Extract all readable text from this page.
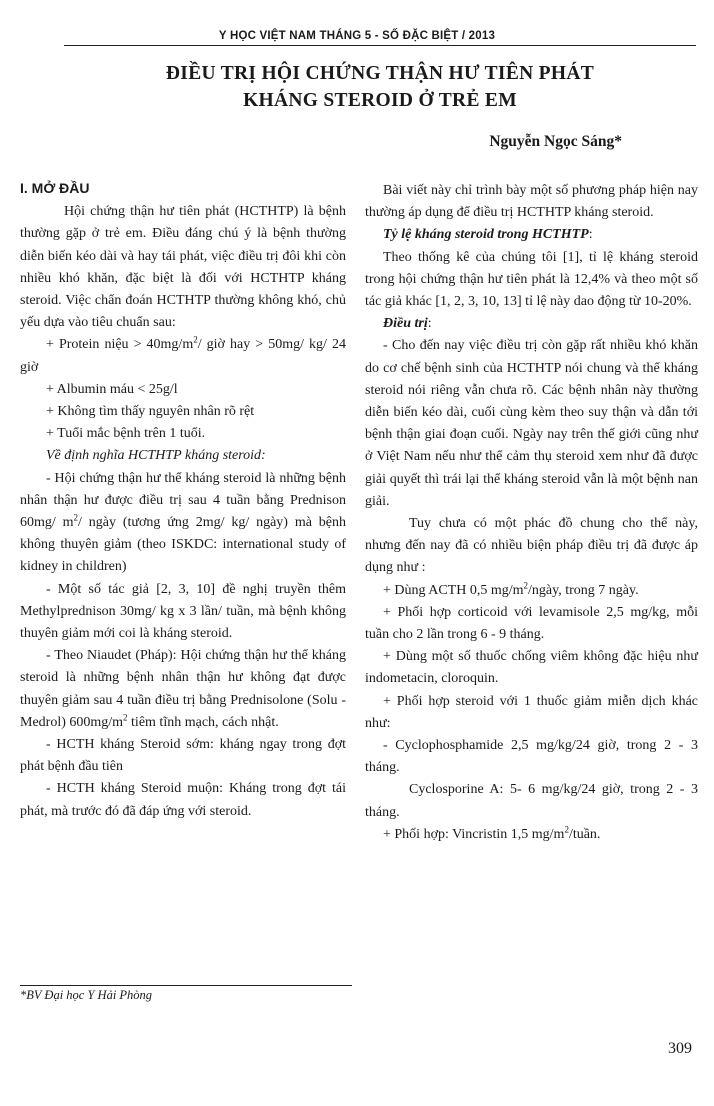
Y HỌC VIỆT NAM THÁNG 5 - SỐ ĐẶC BIỆT / 2013
ĐIỀU TRỊ HỘI CHỨNG THẬN HƯ TIÊN PHÁT
KHÁNG STEROID Ở TRẺ EM
Nguyễn Ngọc Sáng*
I. MỞ ĐẦU

Hội chứng thận hư tiên phát (HCTHTP) là bệnh thường gặp ở trẻ em. Điều đáng chú ý là bệnh thường diễn biến kéo dài và hay tái phát, việc điều trị đôi khi còn nhiều khó khăn, đặc biệt là đối với HCTHTP kháng steroid. Việc chẩn đoán HCTHTP thường không khó, chủ yếu dựa vào tiêu chuẩn sau:

+ Protein niệu > $40mg/m^2/$ giờ hay > 50mg/ kg/ 24 giờ

+ Albumin máu < 25g/l

+ Không tìm thấy nguyên nhân rõ rệt

+ Tuổi mắc bệnh trên 1 tuổi.

Về định nghĩa HCTHTP kháng steroid:

- Hội chứng thận hư thể kháng steroid là những bệnh nhân thận hư được điều trị sau 4 tuần bằng Prednison 60mg/ $m^2/$ ngày (tương ứng 2mg/ kg/ ngày) mà bệnh không thuyên giảm (theo ISKDC: international study of kidney in children)

- Một số tác giả [2, 3, 10] đề nghị truyền thêm Methylprednison 30mg/ kg x 3 lần/ tuần, mà bệnh không thuyên giảm mới coi là kháng steroid.

- Theo Niaudet (Pháp): Hội chứng thận hư thể kháng steroid là những bệnh nhân thận hư không đạt được thuyên giảm sau 4 tuần điều trị bằng Prednisolone (Solu - Medrol) $600mg/m^2$ tiêm tĩnh mạch, cách nhật.

- HCTH kháng Steroid sớm: kháng ngay trong đợt phát bệnh đầu tiên

- HCTH kháng Steroid muộn: Kháng trong đợt tái phát, mà trước đó đã đáp ứng với steroid.

*BV Đại học Y Hải Phòng

Bài viết này chỉ trình bày một số phương pháp hiện nay thường áp dụng để điều trị HCTHTP kháng steroid.

Tỷ lệ kháng steroid trong HCTHTP:

Theo thống kê của chúng tôi [1], tỉ lệ kháng steroid trong hội chứng thận hư tiên phát là 12,4% và theo một số tác giả khác [1, 2, 3, 10, 13] tỉ lệ này dao động từ 10-20%.

Điều trị:

- Cho đến nay việc điều trị còn gặp rất nhiều khó khăn do cơ chế bệnh sinh của HCTHTP nói chung và thể kháng steroid nói riêng vẫn chưa rõ. Các bệnh nhân này thường diễn biến kéo dài, cuối cùng kèm theo suy thận và dẫn tới bệnh thận giai đoạn cuối. Ngày nay trên thế giới cũng như ở Việt Nam nếu như thể cảm thụ steroid xem như đã được giải quyết thì trái lại thể kháng steroid vẫn là một bệnh nan giải.

Tuy chưa có một phác đồ chung cho thể này, nhưng đến nay đã có nhiều biện pháp điều trị đã được áp dụng như :

+ Dùng ACTH 0,5 $mg/m^2$/ngày, trong 7 ngày.

+ Phối hợp corticoid với levamisole 2,5 mg/kg, mỗi tuần cho 2 lần trong 6 - 9 tháng.

+ Dùng một số thuốc chống viêm không đặc hiệu như indometacin, cloroquin.

+ Phối hợp steroid với 1 thuốc giảm miễn dịch khác như:

- Cyclophosphamide 2,5 mg/kg/24 giờ, trong 2 - 3 tháng.

Cyclosporine A: 5- 6 mg/kg/24 giờ, trong 2 - 3 tháng.

+ Phối hợp: Vincristin 1,5 $mg/m^2$/tuần.

309
